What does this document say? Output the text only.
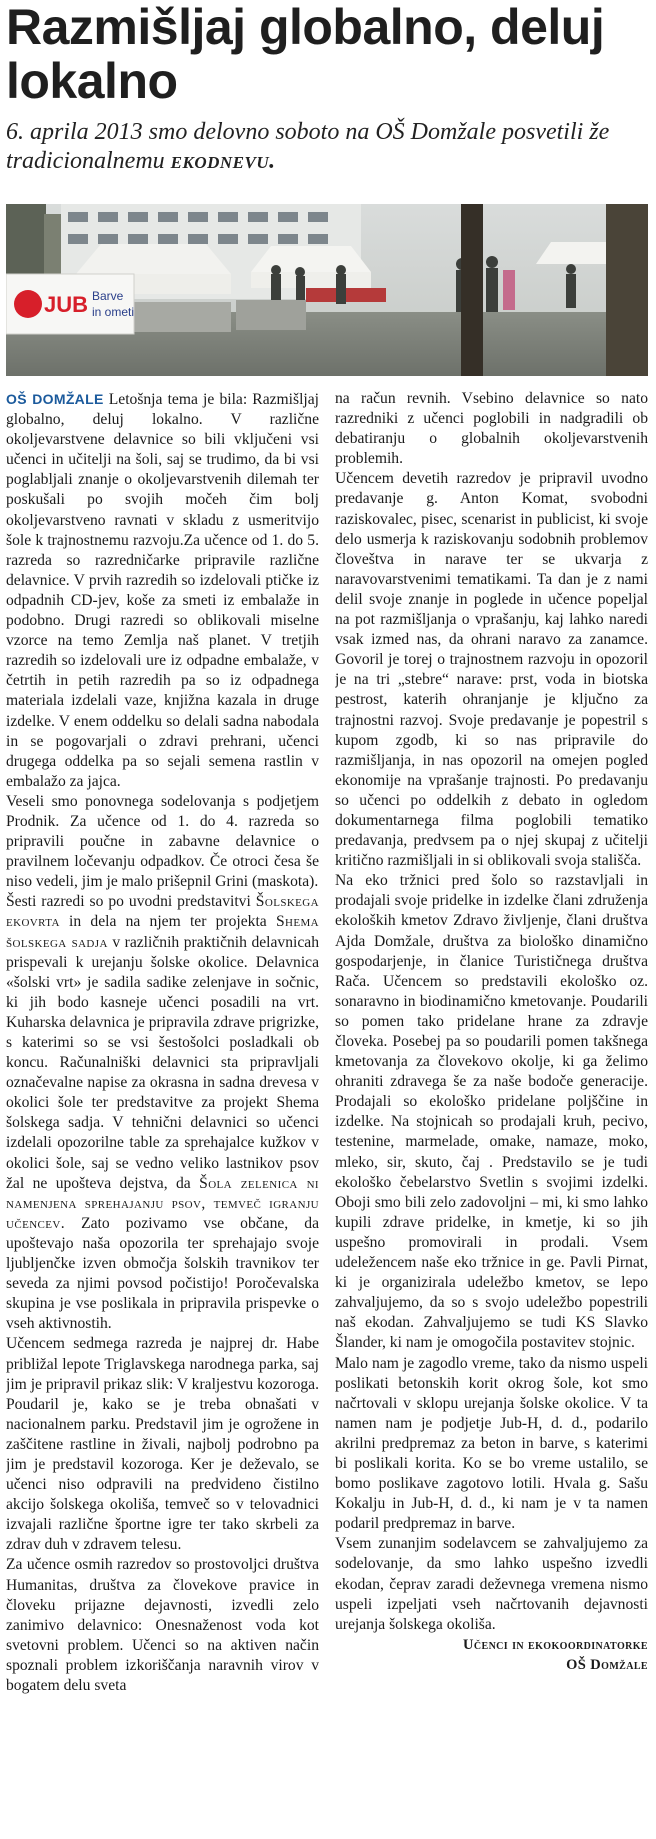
Razmišljaj globalno, deluj lokalno
6. aprila 2013 smo delovno soboto na OŠ Domžale posvetili že tradicionalnemu ekodnevu.
JUB Barve
in ometi

OŠ DOMŽALE Letošnja tema je bila: Razmišljaj globalno, deluj lokalno. V različne okoljevarstvene delavnice so bili vključeni vsi učenci in učitelji na šoli, saj se trudimo, da bi vsi poglabljali znanje o okoljevarstvenih dilemah ter poskušali po svojih močeh čim bolj okoljevarstveno ravnati v skladu z usmeritvijo šole k trajnostnemu razvoju.Za učence od 1. do 5. razreda so razredničarke pripravile različne delavnice. V prvih razredih so izdelovali ptičke iz odpadnih CD-jev, koše za smeti iz embalaže in podobno. Drugi razredi so oblikovali miselne vzorce na temo Zemlja naš planet. V tretjih razredih so izdelovali ure iz odpadne embalaže, v četrtih in petih razredih pa so iz odpadnega materiala izdelali vaze, knjižna kazala in druge izdelke. V enem oddelku so delali sadna nabodala in se pogovarjali o zdravi prehrani, učenci drugega oddelka pa so sejali semena rastlin v embalažo za jajca.

Veseli smo ponovnega sodelovanja s podjetjem Prodnik. Za učence od 1. do 4. razreda so pripravili poučne in zabavne delavnice o pravilnem ločevanju odpadkov. Če otroci česa še niso vedeli, jim je malo prišepnil Grini (maskota).

Šesti razredi so po uvodni predstavitvi Šolskega ekovrta in dela na njem ter projekta Shema šolskega sadja v različnih praktičnih delavnicah prispevali k urejanju šolske okolice. Delavnica «šolski vrt» je sadila sadike zelenjave in sočnic, ki jih bodo kasneje učenci posadili na vrt. Kuharska delavnica je pripravila zdrave prigrizke, s katerimi so se vsi šestošolci posladkali ob koncu. Računalniški delavnici sta pripravljali označevalne napise za okrasna in sadna drevesa v okolici šole ter predstavitve za projekt Shema šolskega sadja. V tehnični delavnici so učenci izdelali opozorilne table za sprehajalce kužkov v okolici šole, saj se vedno veliko lastnikov psov žal ne upošteva dejstva, da Šola zelenica ni namenjena sprehajanju psov, temveč igranju učencev. Zato pozivamo vse občane, da upoštevajo naša opozorila ter sprehajajo svoje ljubljenčke izven območja šolskih travnikov ter seveda za njimi povsod počistijo! Poročevalska skupina je vse poslikala in pripravila prispevke o vseh aktivnostih.

Učencem sedmega razreda je najprej dr. Habe približal lepote Triglavskega narodnega parka, saj jim je pripravil prikaz slik: V kraljestvu kozoroga. Poudaril je, kako se je treba obnašati v nacionalnem parku. Predstavil jim je ogrožene in zaščitene rastline in živali, najbolj podrobno pa jim je predstavil kozoroga. Ker je deževalo, se učenci niso odpravili na predvideno čistilno akcijo šolskega okoliša, temveč so v telovadnici izvajali različne športne igre ter tako skrbeli za zdrav duh v zdravem telesu.

Za učence osmih razredov so prostovoljci društva Humanitas, društva za človekove pravice in človeku prijazne dejavnosti, izvedli zelo zanimivo delavnico: Onesnaženost voda kot svetovni problem. Učenci so na aktiven način spoznali problem izkoriščanja naravnih virov v bogatem delu sveta

na račun revnih. Vsebino delavnice so nato razredniki z učenci poglobili in nadgradili ob debatiranju o globalnih okoljevarstvenih problemih.

Učencem devetih razredov je pripravil uvodno predavanje g. Anton Komat, svobodni raziskovalec, pisec, scenarist in publicist, ki svoje delo usmerja k raziskovanju sodobnih problemov človeštva in narave ter se ukvarja z naravovarstvenimi tematikami. Ta dan je z nami delil svoje znanje in poglede in učence popeljal na pot razmišljanja o vprašanju, kaj lahko naredi vsak izmed nas, da ohrani naravo za zanamce. Govoril je torej o trajnostnem razvoju in opozoril je na tri „stebre“ narave: prst, voda in biotska pestrost, katerih ohranjanje je ključno za trajnostni razvoj. Svoje predavanje je popestril s kupom zgodb, ki so nas pripravile do razmišljanja, in nas opozoril na omejen pogled ekonomije na vprašanje trajnosti. Po predavanju so učenci po oddelkih z debato in ogledom dokumentarnega filma poglobili tematiko predavanja, predvsem pa o njej skupaj z učitelji kritično razmišljali in si oblikovali svoja stališča.

Na eko tržnici pred šolo so razstavljali in prodajali svoje pridelke in izdelke člani združenja ekoloških kmetov Zdravo življenje, člani društva Ajda Domžale, društva za biološko dinamično gospodarjenje, in članice Turističnega društva Rača. Učencem so predstavili ekološko oz. sonaravno in biodinamično kmetovanje. Poudarili so pomen tako pridelane hrane za zdravje človeka. Posebej pa so poudarili pomen takšnega kmetovanja za človekovo okolje, ki ga želimo ohraniti zdravega še za naše bodoče generacije. Prodajali so ekološko pridelane poljščine in izdelke. Na stojnicah so prodajali kruh, pecivo, testenine, marmelade, omake, namaze, moko, mleko, sir, skuto, čaj . Predstavilo se je tudi ekološko čebelarstvo Svetlin s svojimi izdelki. Oboji smo bili zelo zadovoljni – mi, ki smo lahko kupili zdrave pridelke, in kmetje, ki so jih uspešno promovirali in prodali. Vsem udeležencem naše eko tržnice in ge. Pavli Pirnat, ki je organizirala udeležbo kmetov, se lepo zahvaljujemo, da so s svojo udeležbo popestrili naš ekodan. Zahvaljujemo se tudi KS Slavko Šlander, ki nam je omogočila postavitev stojnic.

Malo nam je zagodlo vreme, tako da nismo uspeli poslikati betonskih korit okrog šole, kot smo načrtovali v sklopu urejanja šolske okolice. V ta namen nam je podjetje Jub-H, d. d., podarilo akrilni predpremaz za beton in barve, s katerimi bi poslikali korita. Ko se bo vreme ustalilo, se bomo poslikave zagotovo lotili. Hvala g. Sašu Kokalju in Jub-H, d. d., ki nam je v ta namen podaril predpremaz in barve.

Vsem zunanjim sodelavcem se zahvaljujemo za sodelovanje, da smo lahko uspešno izvedli ekodan, čeprav zaradi deževnega vremena nismo uspeli izpeljati vseh načrtovanih dejavnosti urejanja šolskega okoliša.

Učenci in ekokoordinatorke
OŠ Domžale
